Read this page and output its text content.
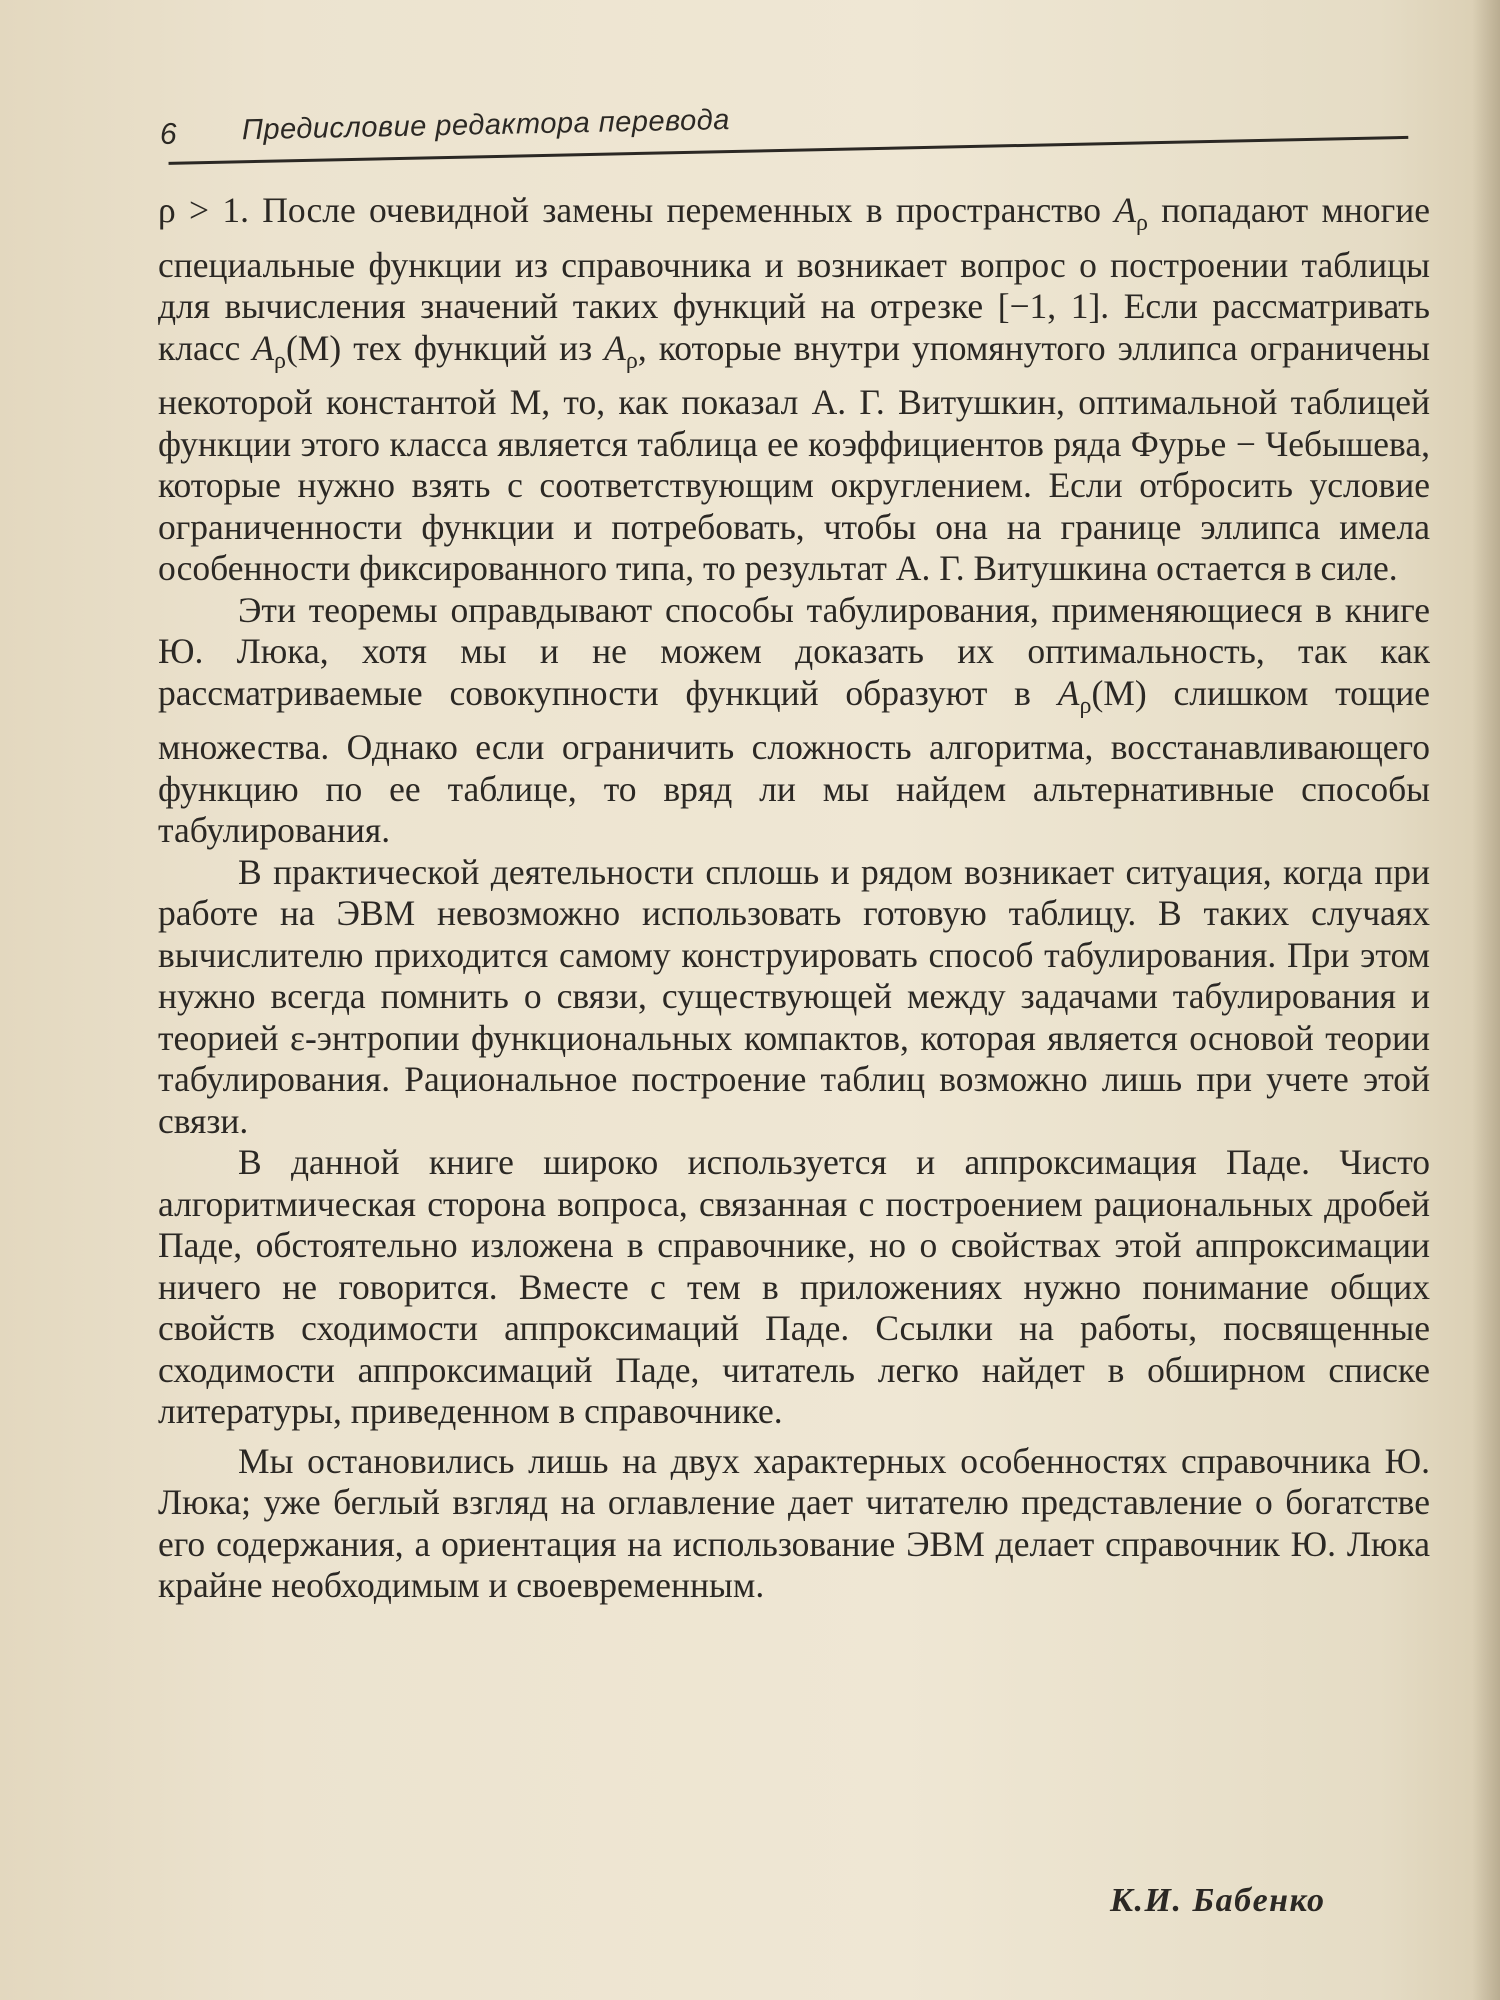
6 Предисловие редактора перевода

ρ > 1. После очевидной замены переменных в пространство $A_\rho$ попадают многие специальные функции из справочника и возникает вопрос о построении таблицы для вычисления значений таких функций на отрезке [−1, 1]. Если рассматривать класс $A_\rho(M)$ тех функций из $A_\rho$, которые внутри упомянутого эллипса ограничены некоторой константой M, то, как показал А. Г. Витушкин, оптимальной таблицей функции этого класса является таблица ее коэффициентов ряда Фурье − Чебышева, которые нужно взять с соответствующим округлением. Если отбросить условие ограниченности функции и потребовать, чтобы она на границе эллипса имела особенности фиксированного типа, то результат А. Г. Витушкина остается в силе.

Эти теоремы оправдывают способы табулирования, применяющиеся в книге Ю. Люка, хотя мы и не можем доказать их оптимальность, так как рассматриваемые совокупности функций образуют в $A_\rho(M)$ слишком тощие множества. Однако если ограничить сложность алгоритма, восстанавливающего функцию по ее таблице, то вряд ли мы найдем альтернативные способы табулирования.

В практической деятельности сплошь и рядом возникает ситуация, когда при работе на ЭВМ невозможно использовать готовую таблицу. В таких случаях вычислителю приходится самому конструировать способ табулирования. При этом нужно всегда помнить о связи, существующей между задачами табулирования и теорией ε-энтропии функциональных компактов, которая является основой теории табулирования. Рациональное построение таблиц возможно лишь при учете этой связи.

В данной книге широко используется и аппроксимация Паде. Чисто алгоритмическая сторона вопроса, связанная с построением рациональных дробей Паде, обстоятельно изложена в справочнике, но о свойствах этой аппроксимации ничего не говорится. Вместе с тем в приложениях нужно понимание общих свойств сходимости аппроксимаций Паде. Ссылки на работы, посвященные сходимости аппроксимаций Паде, читатель легко найдет в обширном списке литературы, приведенном в справочнике.

Мы остановились лишь на двух характерных особенностях справочника Ю. Люка; уже беглый взгляд на оглавление дает читателю представление о богатстве его содержания, а ориентация на использование ЭВМ делает справочник Ю. Люка крайне необходимым и своевременным.

К.И. Бабенко
